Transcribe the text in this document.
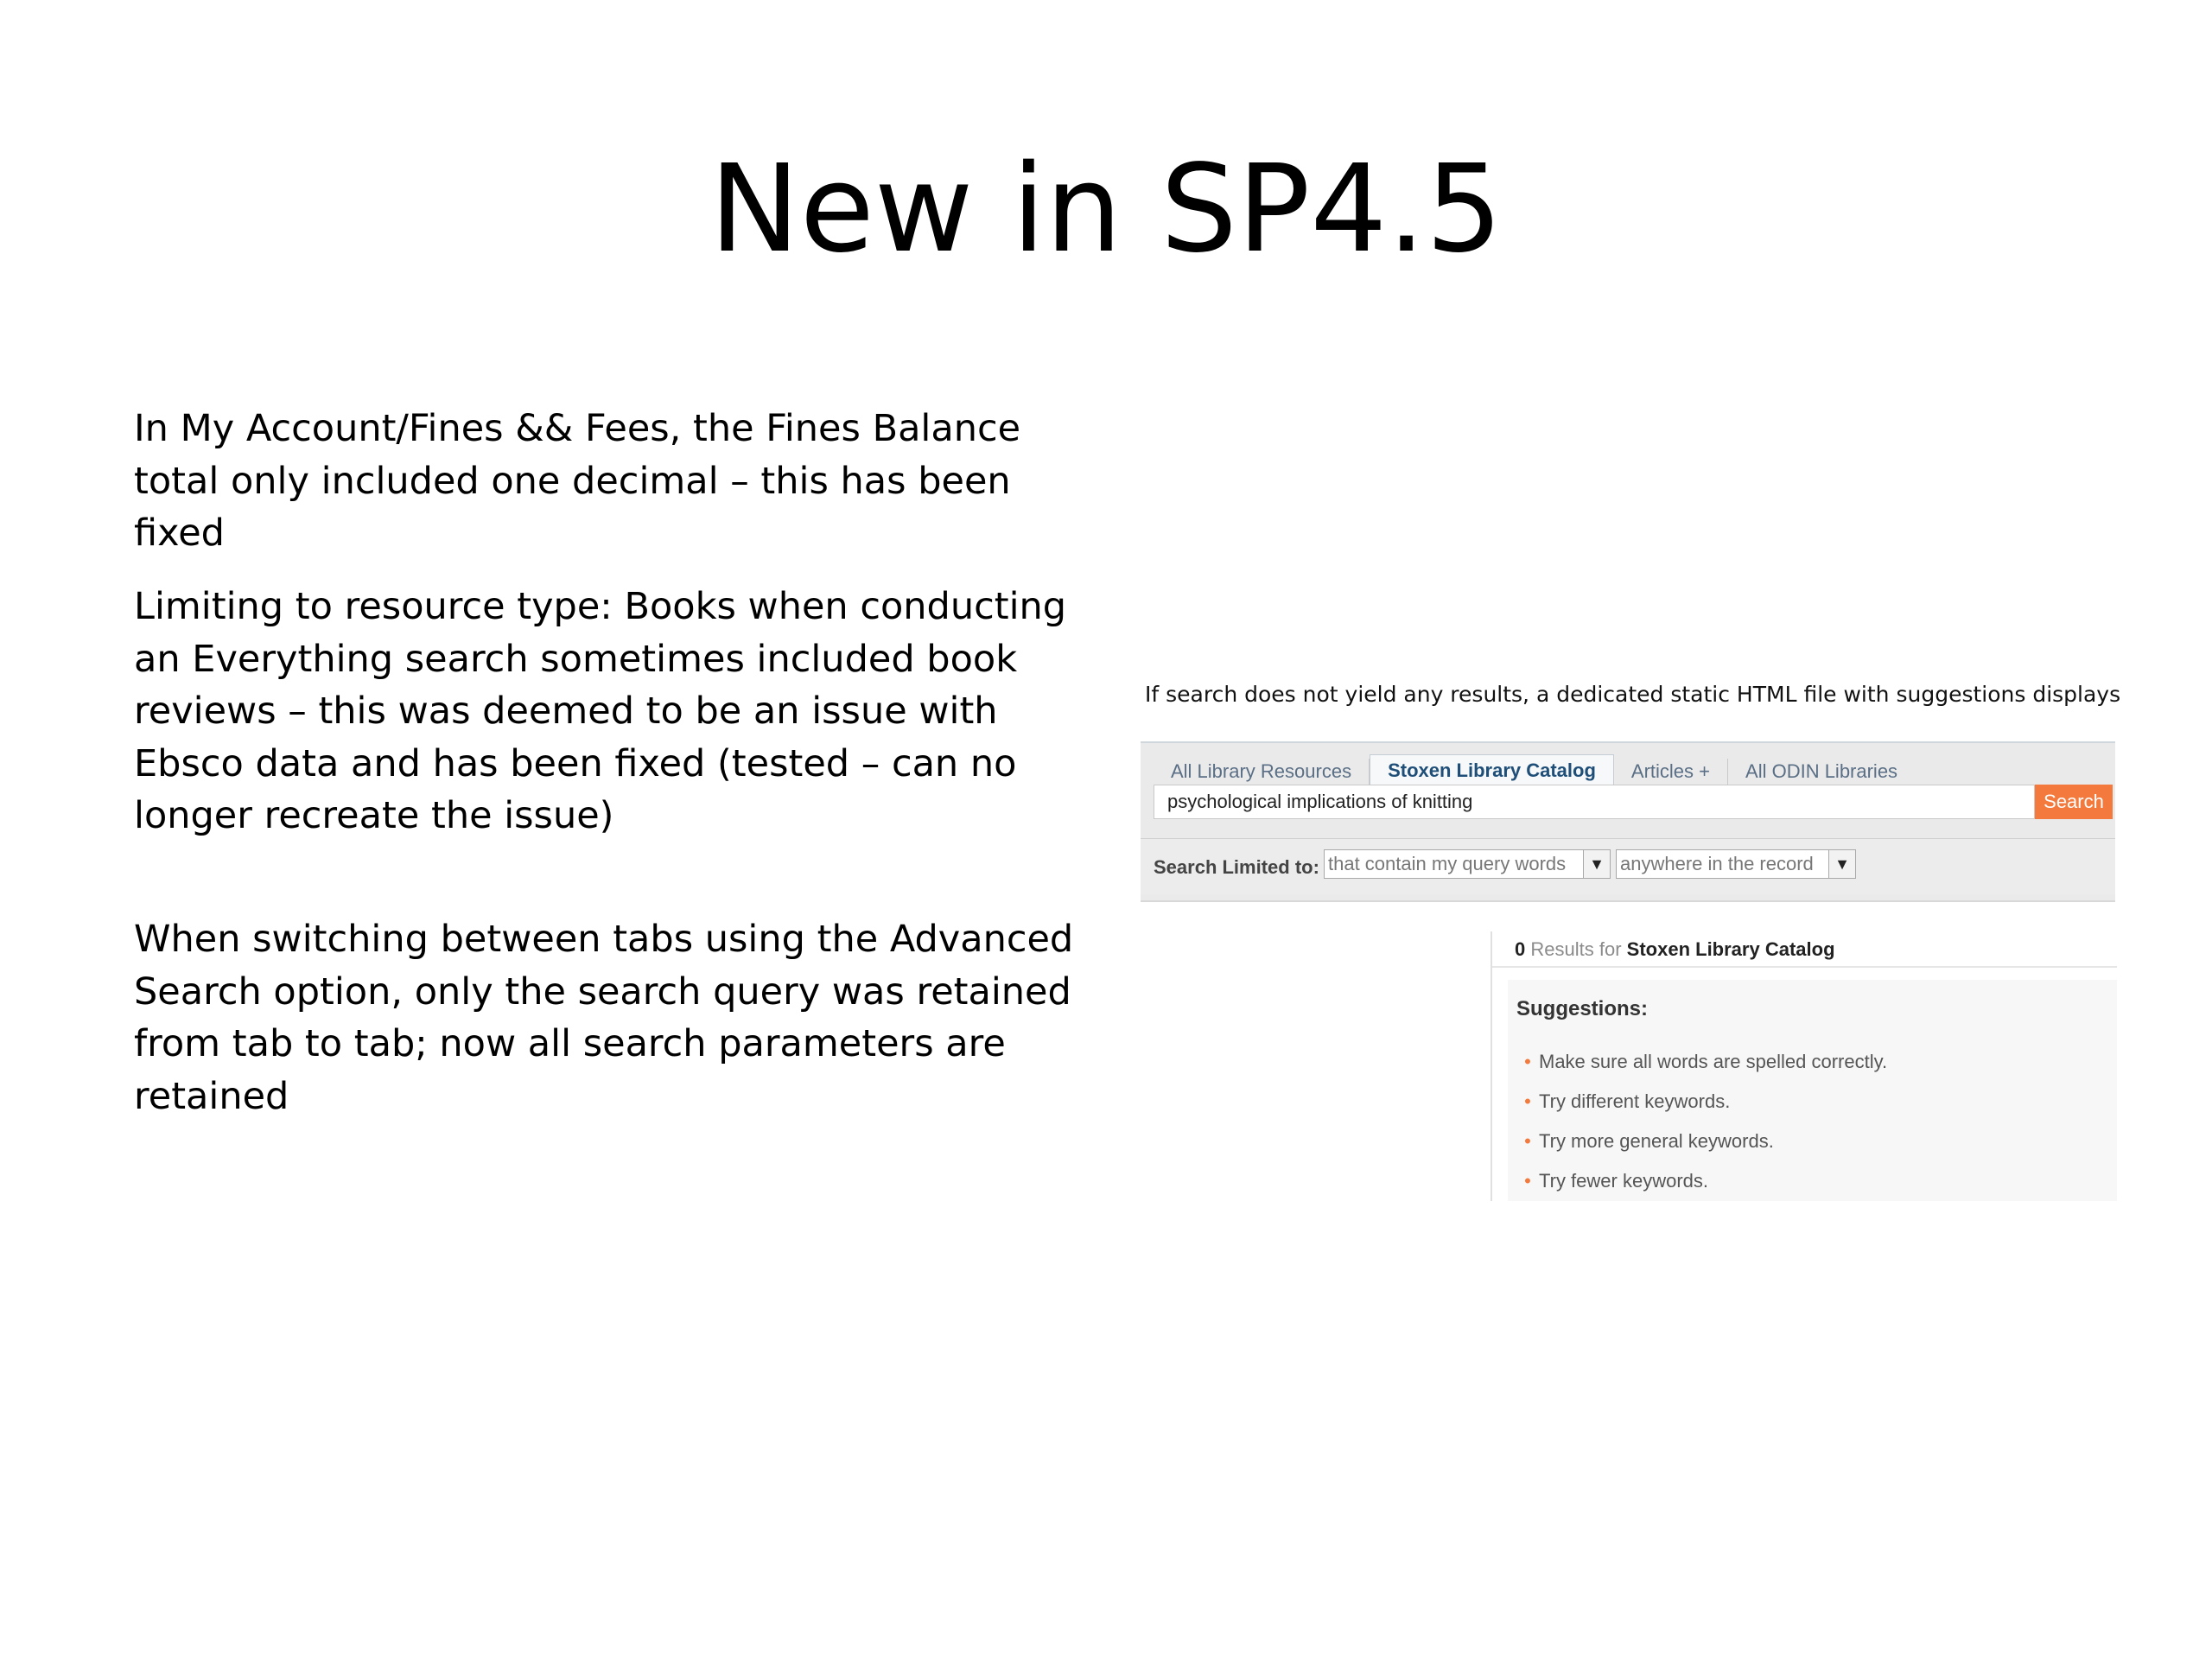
New in SP4.5
In My Account/Fines && Fees, the Fines Balance total only included one decimal – this has been fixed
Limiting to resource type: Books when conducting an Everything search sometimes included book reviews – this was deemed to be an issue with Ebsco data and has been fixed (tested – can no longer recreate the issue)
When switching between tabs using the Advanced Search option, only the search query was retained from tab to tab; now all search parameters are retained
If search does not yield any results, a dedicated static HTML file with suggestions displays
All Library Resources	Stoxen Library Catalog	Articles +	All ODIN Libraries
psychological implications of knitting	Search
Search Limited to: that contain my query words	▼ anywhere in the record	▼
0 Results for Stoxen Library Catalog
Suggestions:
• Make sure all words are spelled correctly.
• Try different keywords.
• Try more general keywords.
• Try fewer keywords.
